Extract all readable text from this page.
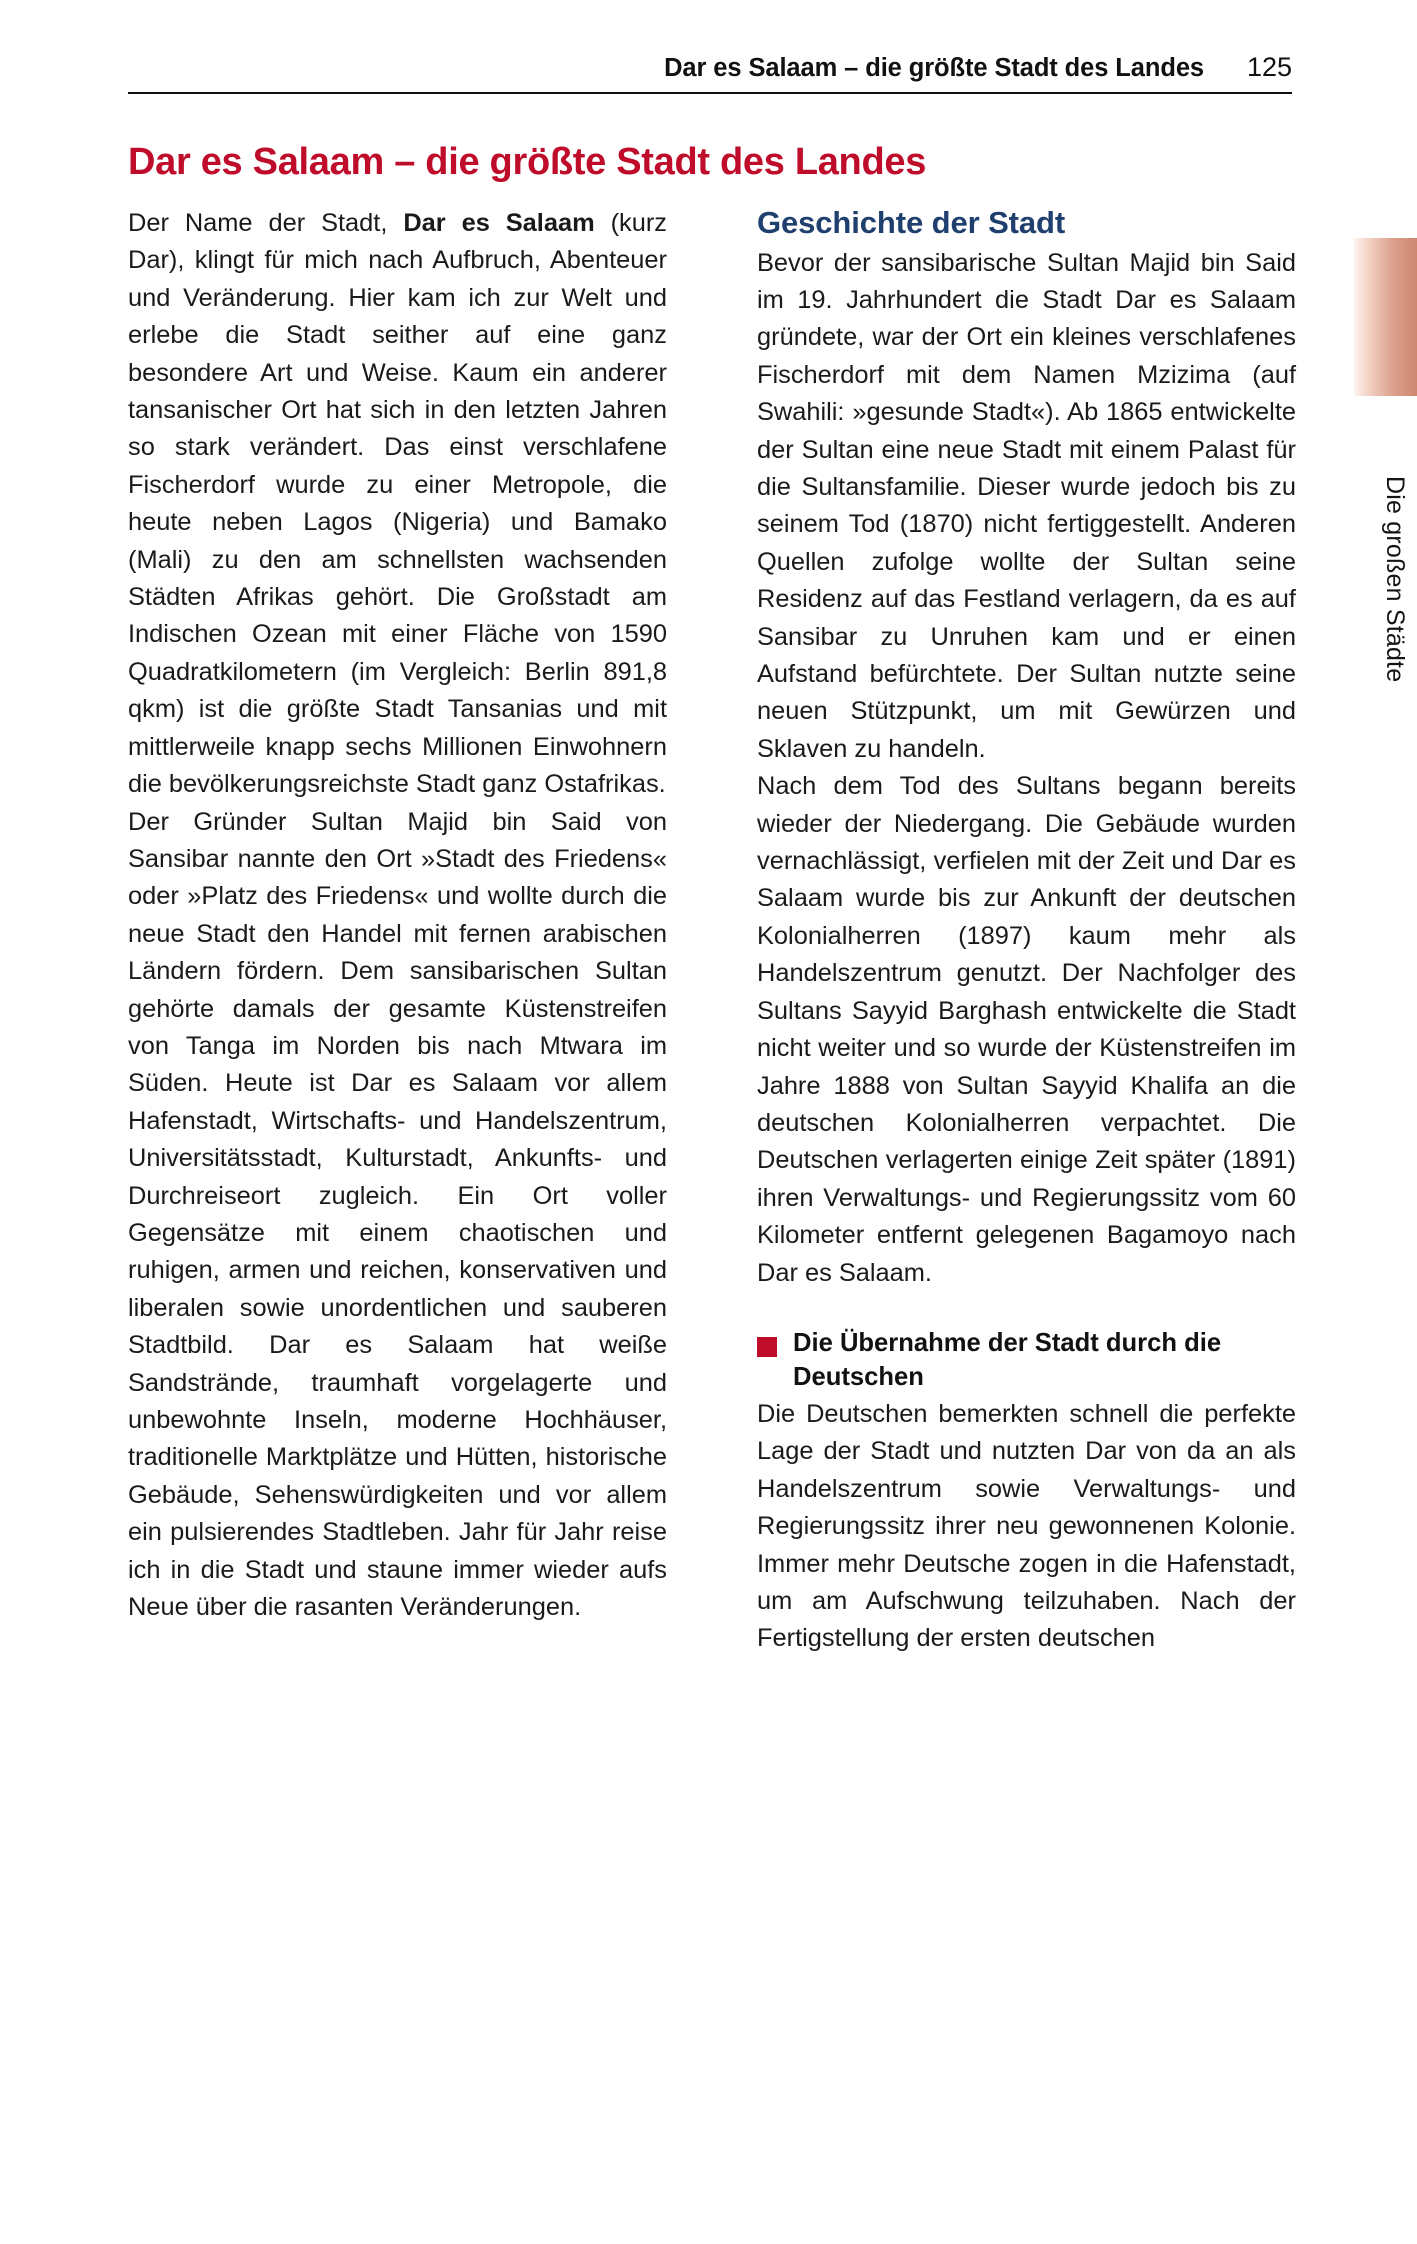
Dar es Salaam – die größte Stadt des Landes 125
Dar es Salaam – die größte Stadt des Landes

Der Name der Stadt, Dar es Salaam (kurz Dar), klingt für mich nach Aufbruch, Abenteuer und Veränderung. Hier kam ich zur Welt und erlebe die Stadt seither auf eine ganz besondere Art und Weise. Kaum ein anderer tansanischer Ort hat sich in den letzten Jahren so stark verändert. Das einst verschlafene Fischerdorf wurde zu einer Metropole, die heute neben Lagos (Nigeria) und Bamako (Mali) zu den am schnellsten wachsenden Städten Afrikas gehört. Die Großstadt am Indischen Ozean mit einer Fläche von 1590 Quadratkilometern (im Vergleich: Berlin 891,8 qkm) ist die größte Stadt Tansanias und mit mittlerweile knapp sechs Millionen Einwohnern die bevölkerungsreichste Stadt ganz Ostafrikas.

Der Gründer Sultan Majid bin Said von Sansibar nannte den Ort »Stadt des Friedens« oder »Platz des Friedens« und wollte durch die neue Stadt den Handel mit fernen arabischen Ländern fördern. Dem sansibarischen Sultan gehörte damals der gesamte Küstenstreifen von Tanga im Norden bis nach Mtwara im Süden. Heute ist Dar es Salaam vor allem Hafenstadt, Wirtschafts- und Handelszentrum, Universitätsstadt, Kulturstadt, Ankunfts- und Durchreiseort zugleich. Ein Ort voller Gegensätze mit einem chaotischen und ruhigen, armen und reichen, konservativen und liberalen sowie unordentlichen und sauberen Stadtbild. Dar es Salaam hat weiße Sandstrände, traumhaft vorgelagerte und unbewohnte Inseln, moderne Hochhäuser, traditionelle Marktplätze und Hütten, historische Gebäude, Sehenswürdigkeiten und vor allem ein pulsierendes Stadtleben. Jahr für Jahr reise ich in die Stadt und staune immer wieder aufs Neue über die rasanten Veränderungen.

Geschichte der Stadt

Bevor der sansibarische Sultan Majid bin Said im 19. Jahrhundert die Stadt Dar es Salaam gründete, war der Ort ein kleines verschlafenes Fischerdorf mit dem Namen Mzizima (auf Swahili: »gesunde Stadt«). Ab 1865 entwickelte der Sultan eine neue Stadt mit einem Palast für die Sultansfamilie. Dieser wurde jedoch bis zu seinem Tod (1870) nicht fertiggestellt. Anderen Quellen zufolge wollte der Sultan seine Residenz auf das Festland verlagern, da es auf Sansibar zu Unruhen kam und er einen Aufstand befürchtete. Der Sultan nutzte seine neuen Stützpunkt, um mit Gewürzen und Sklaven zu handeln.

Nach dem Tod des Sultans begann bereits wieder der Niedergang. Die Gebäude wurden vernachlässigt, verfielen mit der Zeit und Dar es Salaam wurde bis zur Ankunft der deutschen Kolonialherren (1897) kaum mehr als Handelszentrum genutzt. Der Nachfolger des Sultans Sayyid Barghash entwickelte die Stadt nicht weiter und so wurde der Küstenstreifen im Jahre 1888 von Sultan Sayyid Khalifa an die deutschen Kolonialherren verpachtet. Die Deutschen verlagerten einige Zeit später (1891) ihren Verwaltungs- und Regierungssitz vom 60 Kilometer entfernt gelegenen Bagamoyo nach Dar es Salaam.

Die Übernahme der Stadt durch die Deutschen

Die Deutschen bemerkten schnell die perfekte Lage der Stadt und nutzten Dar von da an als Handelszentrum sowie Verwaltungs- und Regierungssitz ihrer neu gewonnenen Kolonie. Immer mehr Deutsche zogen in die Hafenstadt, um am Aufschwung teilzuhaben. Nach der Fertigstellung der ersten deutschen

Die großen Städte
